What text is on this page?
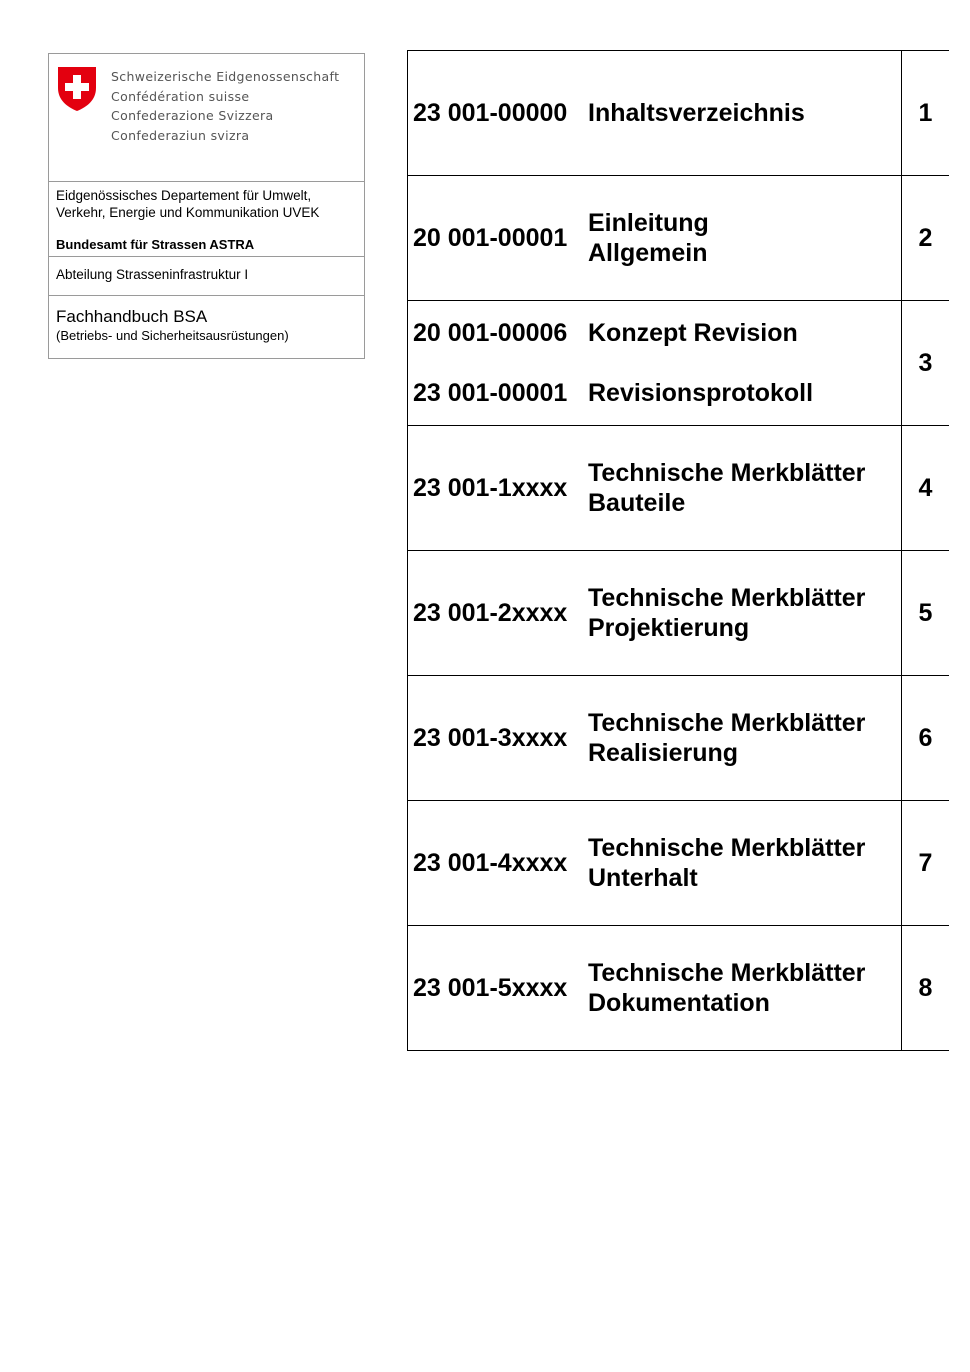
Schweizerische Eidgenossenschaft
Confédération suisse
Confederazione Svizzera
Confederaziun svizra
Eidgenössisches Departement für Umwelt,
Verkehr, Energie und Kommunikation UVEK
Bundesamt für Strassen ASTRA
Abteilung Strasseninfrastruktur I
Fachhandbuch BSA
(Betriebs- und Sicherheitsausrüstungen)
23 001-00000 Inhaltsverzeichnis	1
20 001-00001
Einleitung
Allgemein
2
20 001-00006 Konzept Revision
23 001-00001 Revisionsprotokoll
3
23 001-1xxxx
Technische Merkblätter
Bauteile
4
23 001-2xxxx
Technische Merkblätter
Projektierung
5
23 001-3xxxx
Technische Merkblätter
Realisierung
6
23 001-4xxxx
Technische Merkblätter
Unterhalt
7
23 001-5xxxx
Technische Merkblätter
Dokumentation
8
